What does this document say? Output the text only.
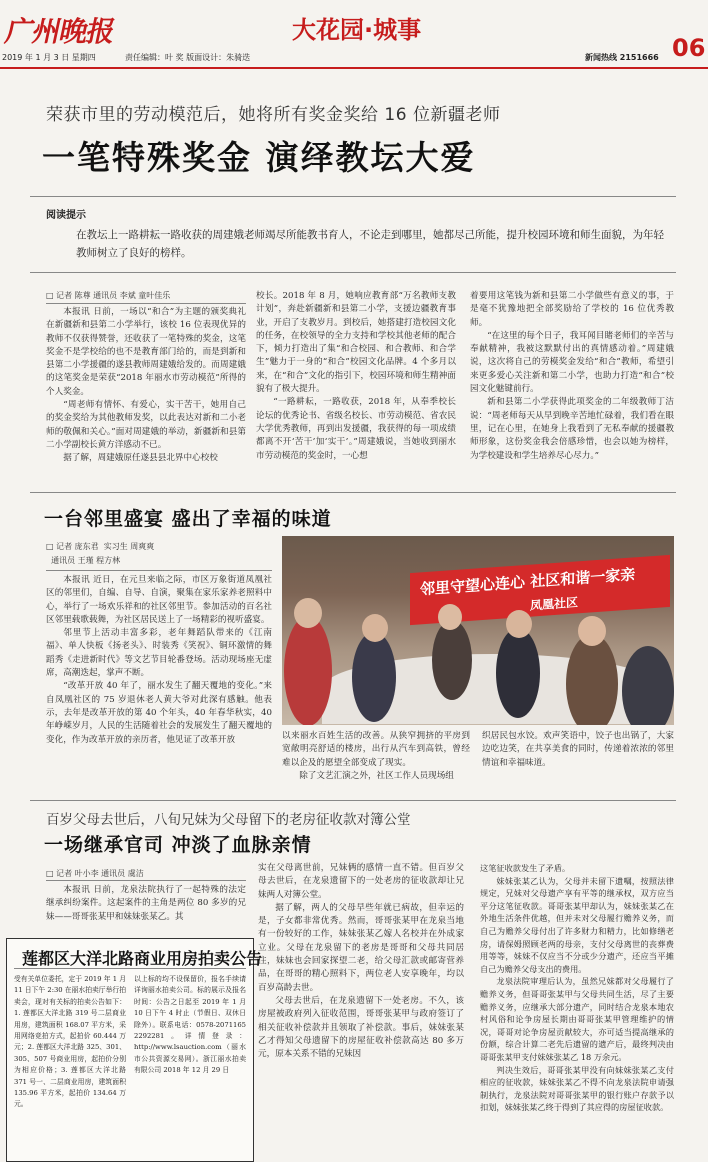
广州晚报	大花园·城事
06
2019 年 1 月 3 日 星期四	责任编辑：叶 奖 版面设计：朱骑迭	新闻热线 2151666
荣获市里的劳动模范后，她将所有奖金奖给 16 位新疆老师
一笔特殊奖金 演绎教坛大爱
阅读提示
在教坛上一路耕耘一路收获的周建娥老师竭尽所能教书育人，不论走到哪里，她都尽己所能，提升校园环境和师生面貌，为年轻教师树立了良好的榜样。
□ 记者 陈尊 通讯员 李斌 童叶佳乐

本报讯 日前，一场以“和合”为主题的颁奖典礼在新疆新和县第二小学举行，该校 16 位表现优异的教师不仅获得赞誉，还收获了一笔特殊的奖金，这笔奖金不是学校给的也不是教育部门给的，而是到新和县第二小学援疆的遂县教师周建娥给发的。而周建娥的这笔奖金是荣获“2018 年丽水市劳动模范”所得的个人奖金。

“周老师有情怀、有爱心，实干苦干，她用自己的奖金奖给为其他教师发奖，以此表达对新和二小老师的敬佩和关心。”面对周建娥的举动，新疆新和县第二小学副校长黄方洋感动不已。

据了解，周建娥原任遂县县北界中心校校

校长。2018 年 8 月，她响应教育部“万名教师支教计划”，奔赴新疆新和县第二小学，支援边疆教育事业，开启了支教岁月。到校后，她搭建打造校园文化的任务，在校领导的全力支持和学校其他老师的配合下，倾力打造出了集“和合校园、和合教师、和合学生”魅力于一身的“和合”校园文化品牌。4 个多月以来，在“和合”文化的指引下，校园环境和师生精神面貌有了极大提升。

“一路耕耘，一路收获，2018 年，从奉季校长论坛的优秀论书、省级名校长、市劳动模范、省农民大学优秀教师，再到出发援疆，我获得的每一项成绩都离不开‘苦干’加‘实干’。”周建娥说，当她收到丽水市劳动模范的奖金时，一心想

着要用这笔钱为新和县第二小学做些有意义的事，于是毫不犹豫地把全部奖励给了学校的 16 位优秀教师。

“在这里的每个日子，我耳闻目睹老师们的辛苦与奉献精神，我被这默默付出的真情感动着。”周建娥说，这次将自己的劳模奖金发给“和合”教师，希望引来更多爱心关注新和第二小学，也助力打造“和合”校园文化魅键前行。

新和县第二小学获得此项奖金的二年级教师丁洁说：“周老师每天从早到晚辛苦地忙碌着，我们看在眼里，记在心里，在她身上我看到了无私奉献的援疆教师形象，这份奖金我会倍感珍惜，也会以她为榜样，为学校建设和学生培养尽心尽力。”

一台邻里盛宴 盛出了幸福的味道
□ 记者 庞东君  实习生 周爽爽
通讯员 王瑾 程方林

本报讯 近日，在元旦来临之际，市区万象街道凤凰社区的邻里们，自编、自导、自演，聚集在家乐家养老照料中心，举行了一场欢乐祥和的社区邻里节。参加活动的百名社区邻里载歌载舞，为社区居民送上了一场精彩的视听盛宴。

邻里节上活动丰富多彩，老年舞蹈队带来的《江南福》、单人快板《扬老头》、时装秀《笑祝》、铜环激情的舞蹈秀《走进新时代》等文艺节目轮番登场。活动现场座无虚席，高潮迭起，掌声不断。

“改革开放 40 年了，丽水发生了翻天覆地的变化。”来自凤凰社区的 75 岁退休老人黄大爷对此深有感触。他表示，去年是改革开放的第 40 个年头，40 年春华秋实，40 年峥嵘岁月，人民的生活随着社会的发展发生了翻天覆地的变化，作为改革开放的亲历者，他见证了改革开放

邻里守望心连心 社区和谐一家亲
凤凰社区

以来丽水百姓生活的改善。从狭窄拥挤的平房到宽敞明亮舒适的楼房，出行从汽车到高铁，曾经难以企及的愿望全部变成了现实。

除了文艺汇演之外，社区工作人员现场组

织居民包水饺。欢声笑语中，饺子也出锅了，大家边吃边笑，在共享美食的同时，传递着浓浓的邻里情谊和幸福味道。

百岁父母去世后，八旬兄妹为父母留下的老房征收款对簿公堂
一场继承官司 冲淡了血脉亲情
□ 记者 叶小李 通讯员 虞洁

本报讯 日前，龙泉法院执行了一起特殊的法定继承纠纷案件。这起案件的主角是两位 80 多岁的兄妹——哥哥张某甲和妹妹张某乙。其

实在父母离世前，兄妹俩的感情一直不错。但百岁父母去世后，在龙泉遗留下的一处老房的征收款却让兄妹两人对簿公堂。

据了解，两人的父母早些年就已病故，但幸运的是，子女都非常优秀。然而，哥哥张某甲在龙泉当地有一份较好的工作，妹妹张某乙嫁人名校并在外成家立业。父母在龙泉留下的老房是哥哥和父母共同居住，妹妹也会回家探望二老，给父母汇款或邮寄营养品，在哥哥的精心照料下，两位老人安享晚年，均以百岁高龄去世。

父母去世后，在龙泉遗留下一处老房。不久，该房屋被政府列入征收范围，哥哥张某甲与政府签订了相关征收补偿款并且领取了补偿款。事后，妹妹张某乙才得知父母遗留下的房屋征收补偿款高达 80 多万元，原本关系不错的兄妹因

这笔征收款发生了矛盾。

妹妹张某乙认为，父母并未留下遗嘱，按照法律规定，兄妹对父母遗产享有平等的继承权，双方应当平分这笔征收款。哥哥张某甲却认为，妹妹张某乙在外地生活条件优越，但并未对父母履行赡养义务，而自己为赡养父母付出了许多财力和精力，比如修缮老房，请保姆照顾老两的母亲，支付父母离世的丧葬费用等等，妹妹不仅应当不分或少分遗产，还应当平摊自己为赡养父母支出的费用。

龙泉法院审理后认为，虽然兄妹都对父母履行了赡养义务，但哥哥张某甲与父母共同生活，尽了主要赡养义务，应继承大部分遗产，同时结合龙泉本地农村风俗和论争房屋长期由哥哥张某甲管理维护的情况，哥哥对论争房屋贡献较大，亦可适当提高继承的份额，综合计算二老先后遗留的遗产后，最终判决由哥哥张某甲支付妹妹张某乙 18 万余元。

判决生效后，哥哥张某甲没有向妹妹张某乙支付相应的征收款，妹妹张某乙不得不向龙泉法院申请强制执行，龙泉法院对哥哥张某甲的银行账户存款予以扣划，妹妹张某乙终于得到了其应得的房屋征收款。

莲都区大洋北路商业用房拍卖公告
受有关单位委托，定于 2019 年 1 月 11 日下午 2:30 在丽水拍卖厅举行拍卖会，现对有关标的拍卖公告如下：1. 莲都区大洋北路 319 号二层商业用房，建筑面积 168.07 平方米，采用网络竞拍方式，起拍价 60.444 万元；2. 莲都区大洋北路 325、301、305、507 号商业用房，起拍价分别为相应价格；3. 莲都区大洋北路 371 号一、二层商业用房，建筑面积 135.96 平方米，起拍价 134.64 万元。
以上标的均不设保留价，报名手续请详询丽水拍卖公司。标的展示及报名时间：公告之日起至 2019 年 1 月 10 日下午 4 时止（节假日、双休日除外）。联系电话：0578-2071165 2292281。详情登录：http://www.lsauction.com（丽水市公共资源交易网）。浙江丽水拍卖有限公司 2018 年 12 月 29 日
